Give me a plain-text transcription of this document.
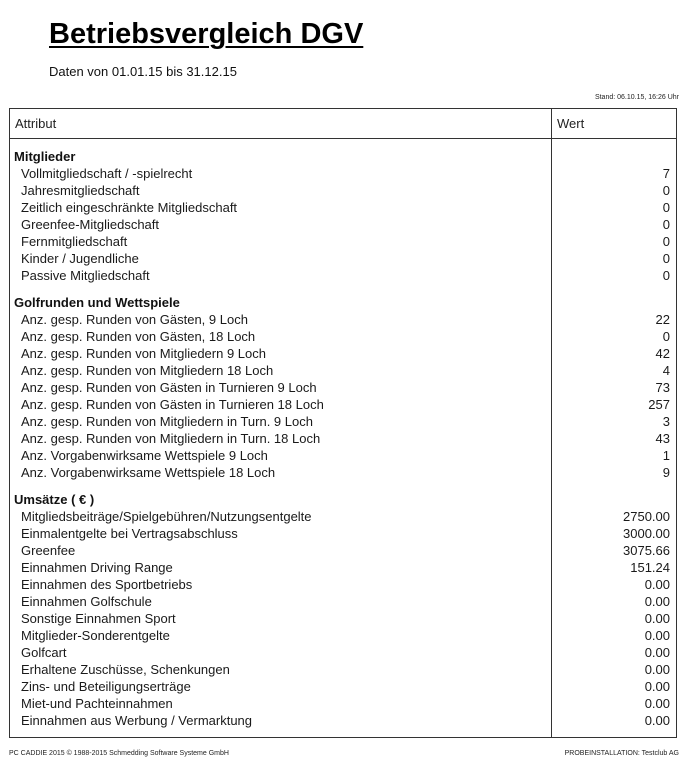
Betriebsvergleich DGV
Daten von 01.01.15 bis 31.12.15
Stand: 06.10.15, 16:26 Uhr
Attribut	Wert
Mitglieder
Vollmitgliedschaft / -spielrecht
Jahresmitgliedschaft
Zeitlich eingeschränkte Mitgliedschaft
Greenfee-Mitgliedschaft
Fernmitgliedschaft
Kinder / Jugendliche
Passive Mitgliedschaft
Golfrunden und Wettspiele
Anz. gesp. Runden von Gästen, 9 Loch
Anz. gesp. Runden von Gästen, 18 Loch
Anz. gesp. Runden von Mitgliedern 9 Loch
Anz. gesp. Runden von Mitgliedern 18 Loch
Anz. gesp. Runden von Gästen in Turnieren 9 Loch
Anz. gesp. Runden von Gästen in Turnieren 18 Loch
Anz. gesp. Runden von Mitgliedern in Turn. 9 Loch
Anz. gesp. Runden von Mitgliedern in Turn. 18 Loch
Anz. Vorgabenwirksame Wettspiele 9 Loch
Anz. Vorgabenwirksame Wettspiele 18 Loch
Umsätze ( € )
Mitgliedsbeiträge/Spielgebühren/Nutzungsentgelte
Einmalentgelte bei Vertragsabschluss
Greenfee
Einnahmen Driving Range
Einnahmen des Sportbetriebs
Einnahmen Golfschule
Sonstige Einnahmen Sport
Mitglieder-Sonderentgelte
Golfcart
Erhaltene Zuschüsse, Schenkungen
Zins- und Beteiligungserträge
Miet-und Pachteinnahmen
Einnahmen aus Werbung / Vermarktung
7
0
0
0
0
0
0
22
0
42
4
73
257
3
43
1
9
2750.00
3000.00
3075.66
151.24
0.00
0.00
0.00
0.00
0.00
0.00
0.00
0.00
0.00
PC CADDIE 2015 © 1988-2015 Schmedding Software Systeme GmbH	PROBEINSTALLATION: Testclub AG
